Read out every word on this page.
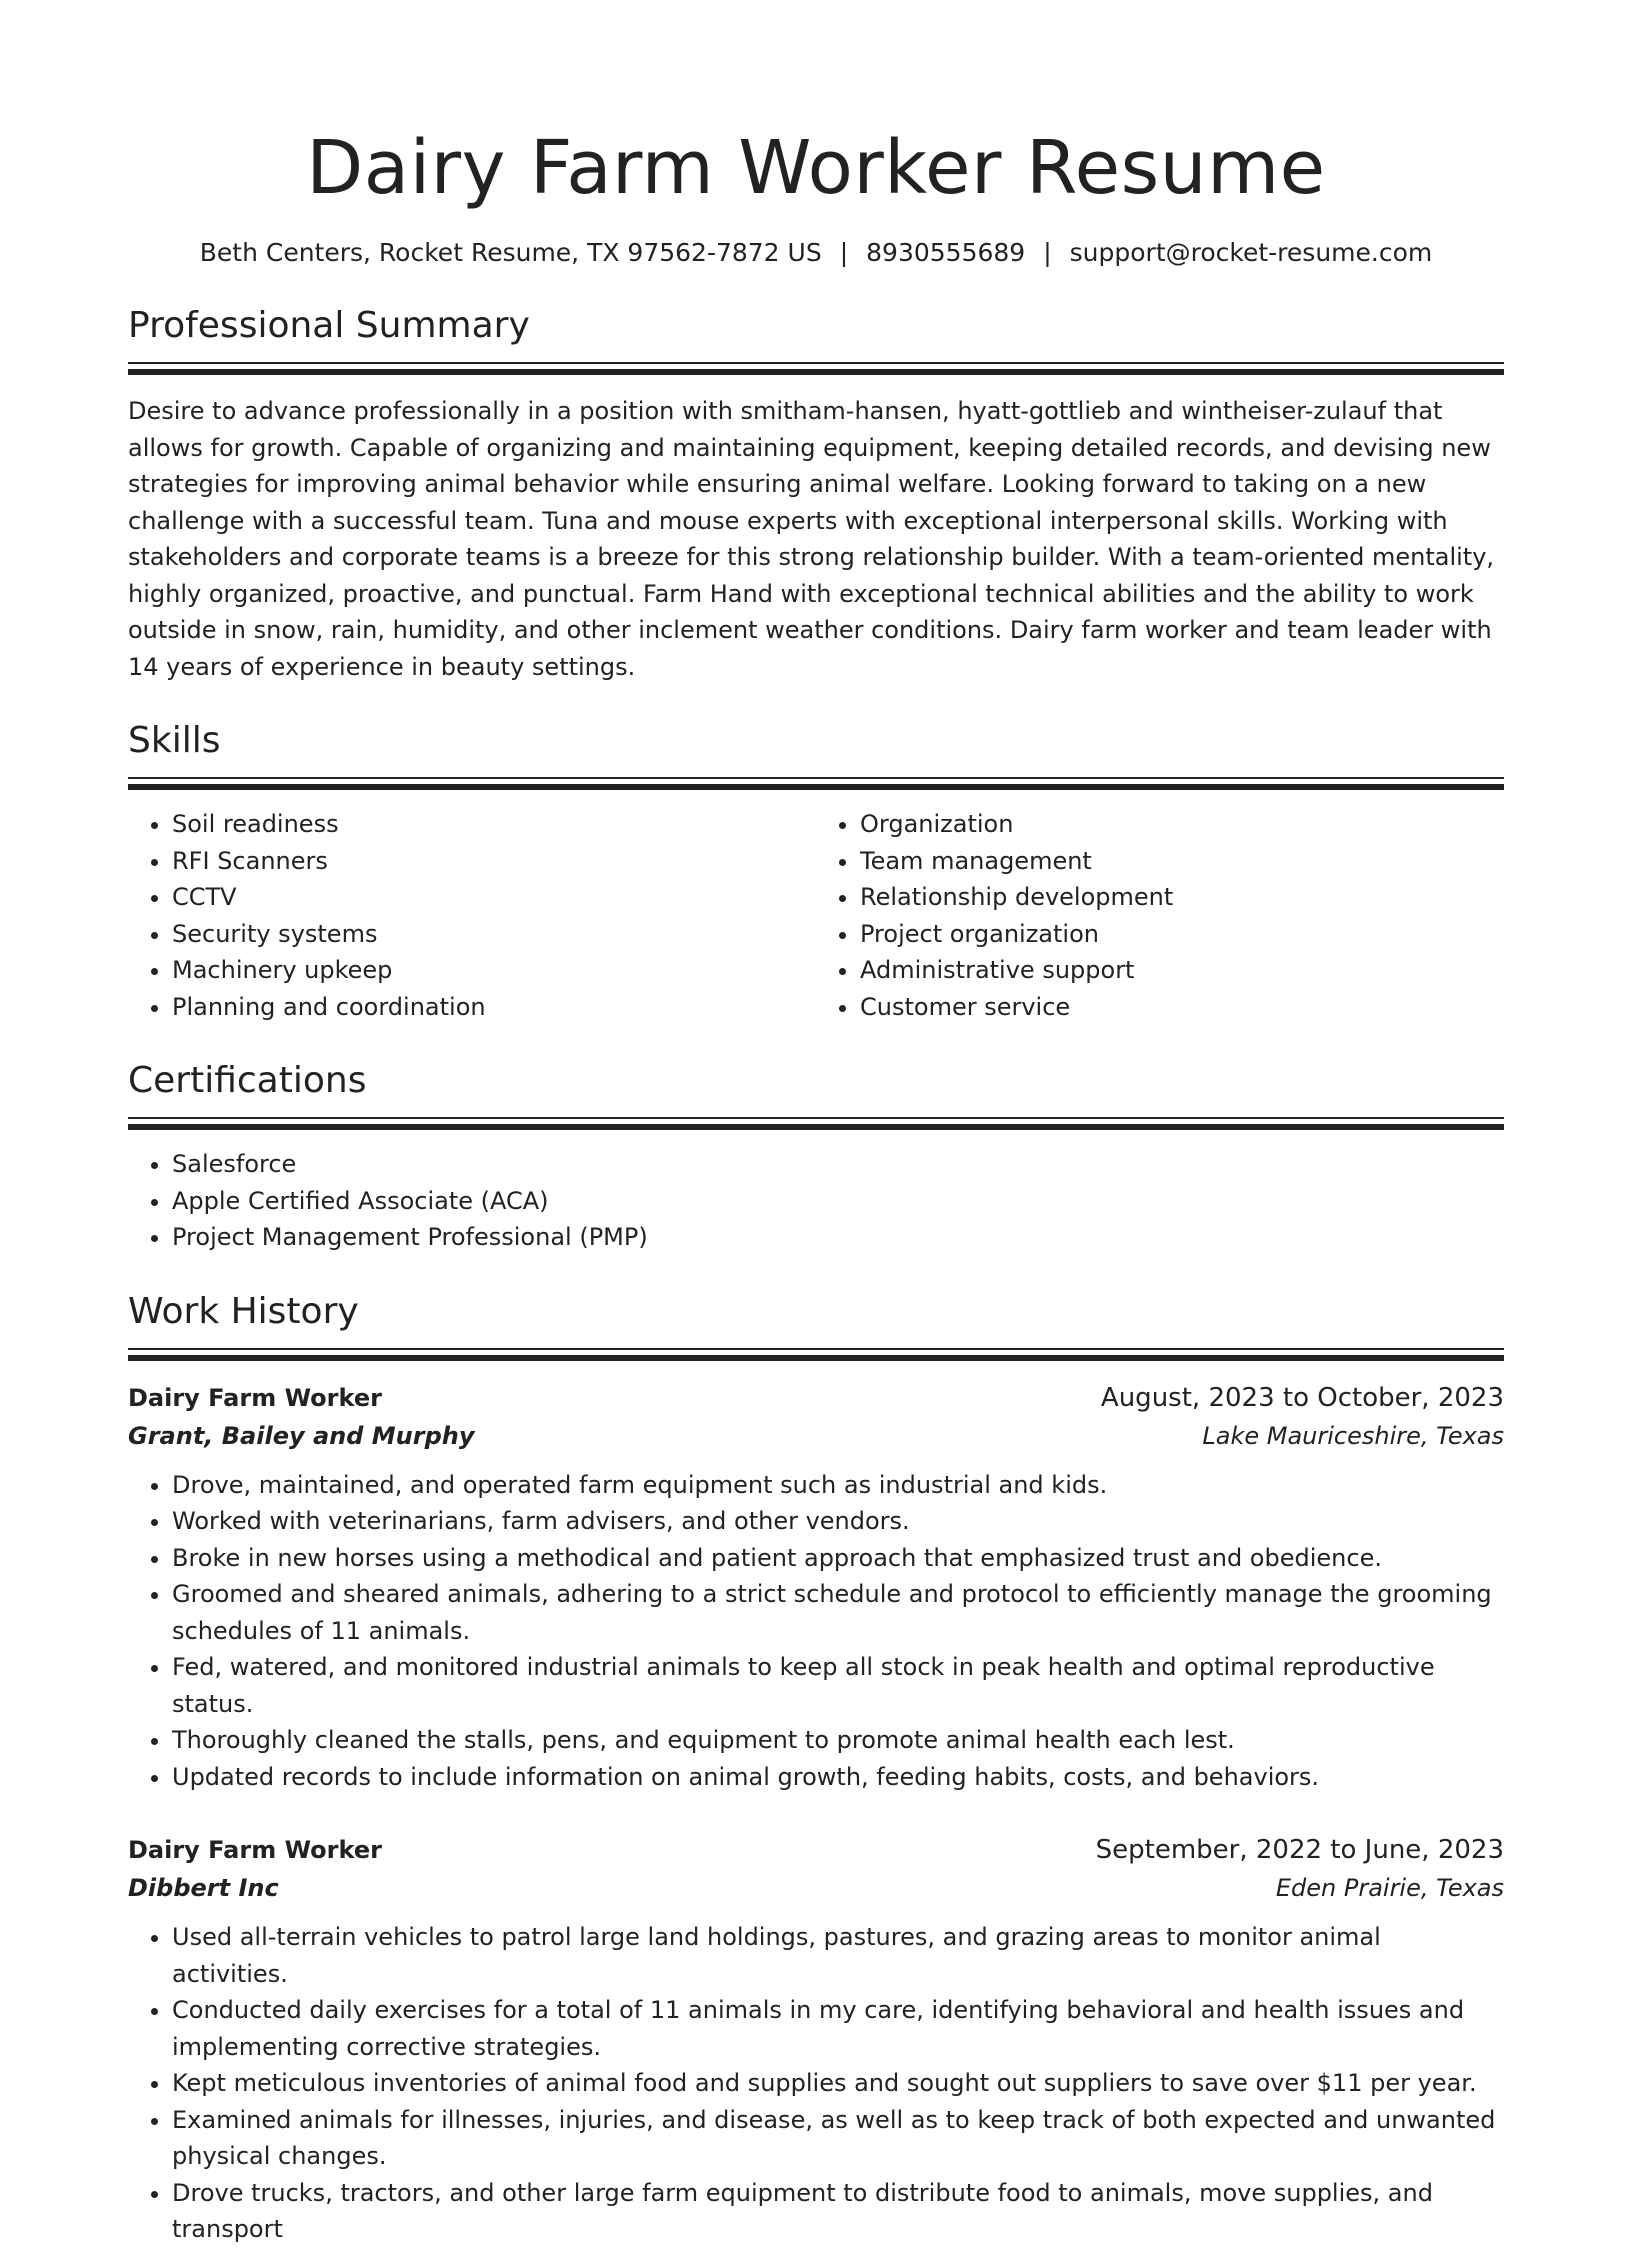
Dairy Farm Worker Resume
Beth Centers, Rocket Resume, TX 97562-7872 US | 8930555689 | support@rocket-resume.com
Professional Summary
Desire to advance professionally in a position with smitham-hansen, hyatt-gottlieb and wintheiser-zulauf that allows for growth. Capable of organizing and maintaining equipment, keeping detailed records, and devising new strategies for improving animal behavior while ensuring animal welfare. Looking forward to taking on a new challenge with a successful team. Tuna and mouse experts with exceptional interpersonal skills. Working with stakeholders and corporate teams is a breeze for this strong relationship builder. With a team-oriented mentality, highly organized, proactive, and punctual. Farm Hand with exceptional technical abilities and the ability to work outside in snow, rain, humidity, and other inclement weather conditions. Dairy farm worker and team leader with 14 years of experience in beauty settings.
Skills
• Soil readiness
• RFI Scanners
• CCTV
• Security systems
• Machinery upkeep
• Planning and coordination
• Organization
• Team management
• Relationship development
• Project organization
• Administrative support
• Customer service
Certifications
• Salesforce
• Apple Certified Associate (ACA)
• Project Management Professional (PMP)
Work History
Dairy Farm Worker	August, 2023 to October, 2023
Grant, Bailey and Murphy	Lake Mauriceshire, Texas
• Drove, maintained, and operated farm equipment such as industrial and kids.
• Worked with veterinarians, farm advisers, and other vendors.
• Broke in new horses using a methodical and patient approach that emphasized trust and obedience.
• Groomed and sheared animals, adhering to a strict schedule and protocol to efficiently manage the grooming schedules of 11 animals.
• Fed, watered, and monitored industrial animals to keep all stock in peak health and optimal reproductive status.
• Thoroughly cleaned the stalls, pens, and equipment to promote animal health each lest.
• Updated records to include information on animal growth, feeding habits, costs, and behaviors.
Dairy Farm Worker	September, 2022 to June, 2023
Dibbert Inc	Eden Prairie, Texas
• Used all-terrain vehicles to patrol large land holdings, pastures, and grazing areas to monitor animal activities.
• Conducted daily exercises for a total of 11 animals in my care, identifying behavioral and health issues and implementing corrective strategies.
• Kept meticulous inventories of animal food and supplies and sought out suppliers to save over $11 per year.
• Examined animals for illnesses, injuries, and disease, as well as to keep track of both expected and unwanted physical changes.
• Drove trucks, tractors, and other large farm equipment to distribute food to animals, move supplies, and transport
